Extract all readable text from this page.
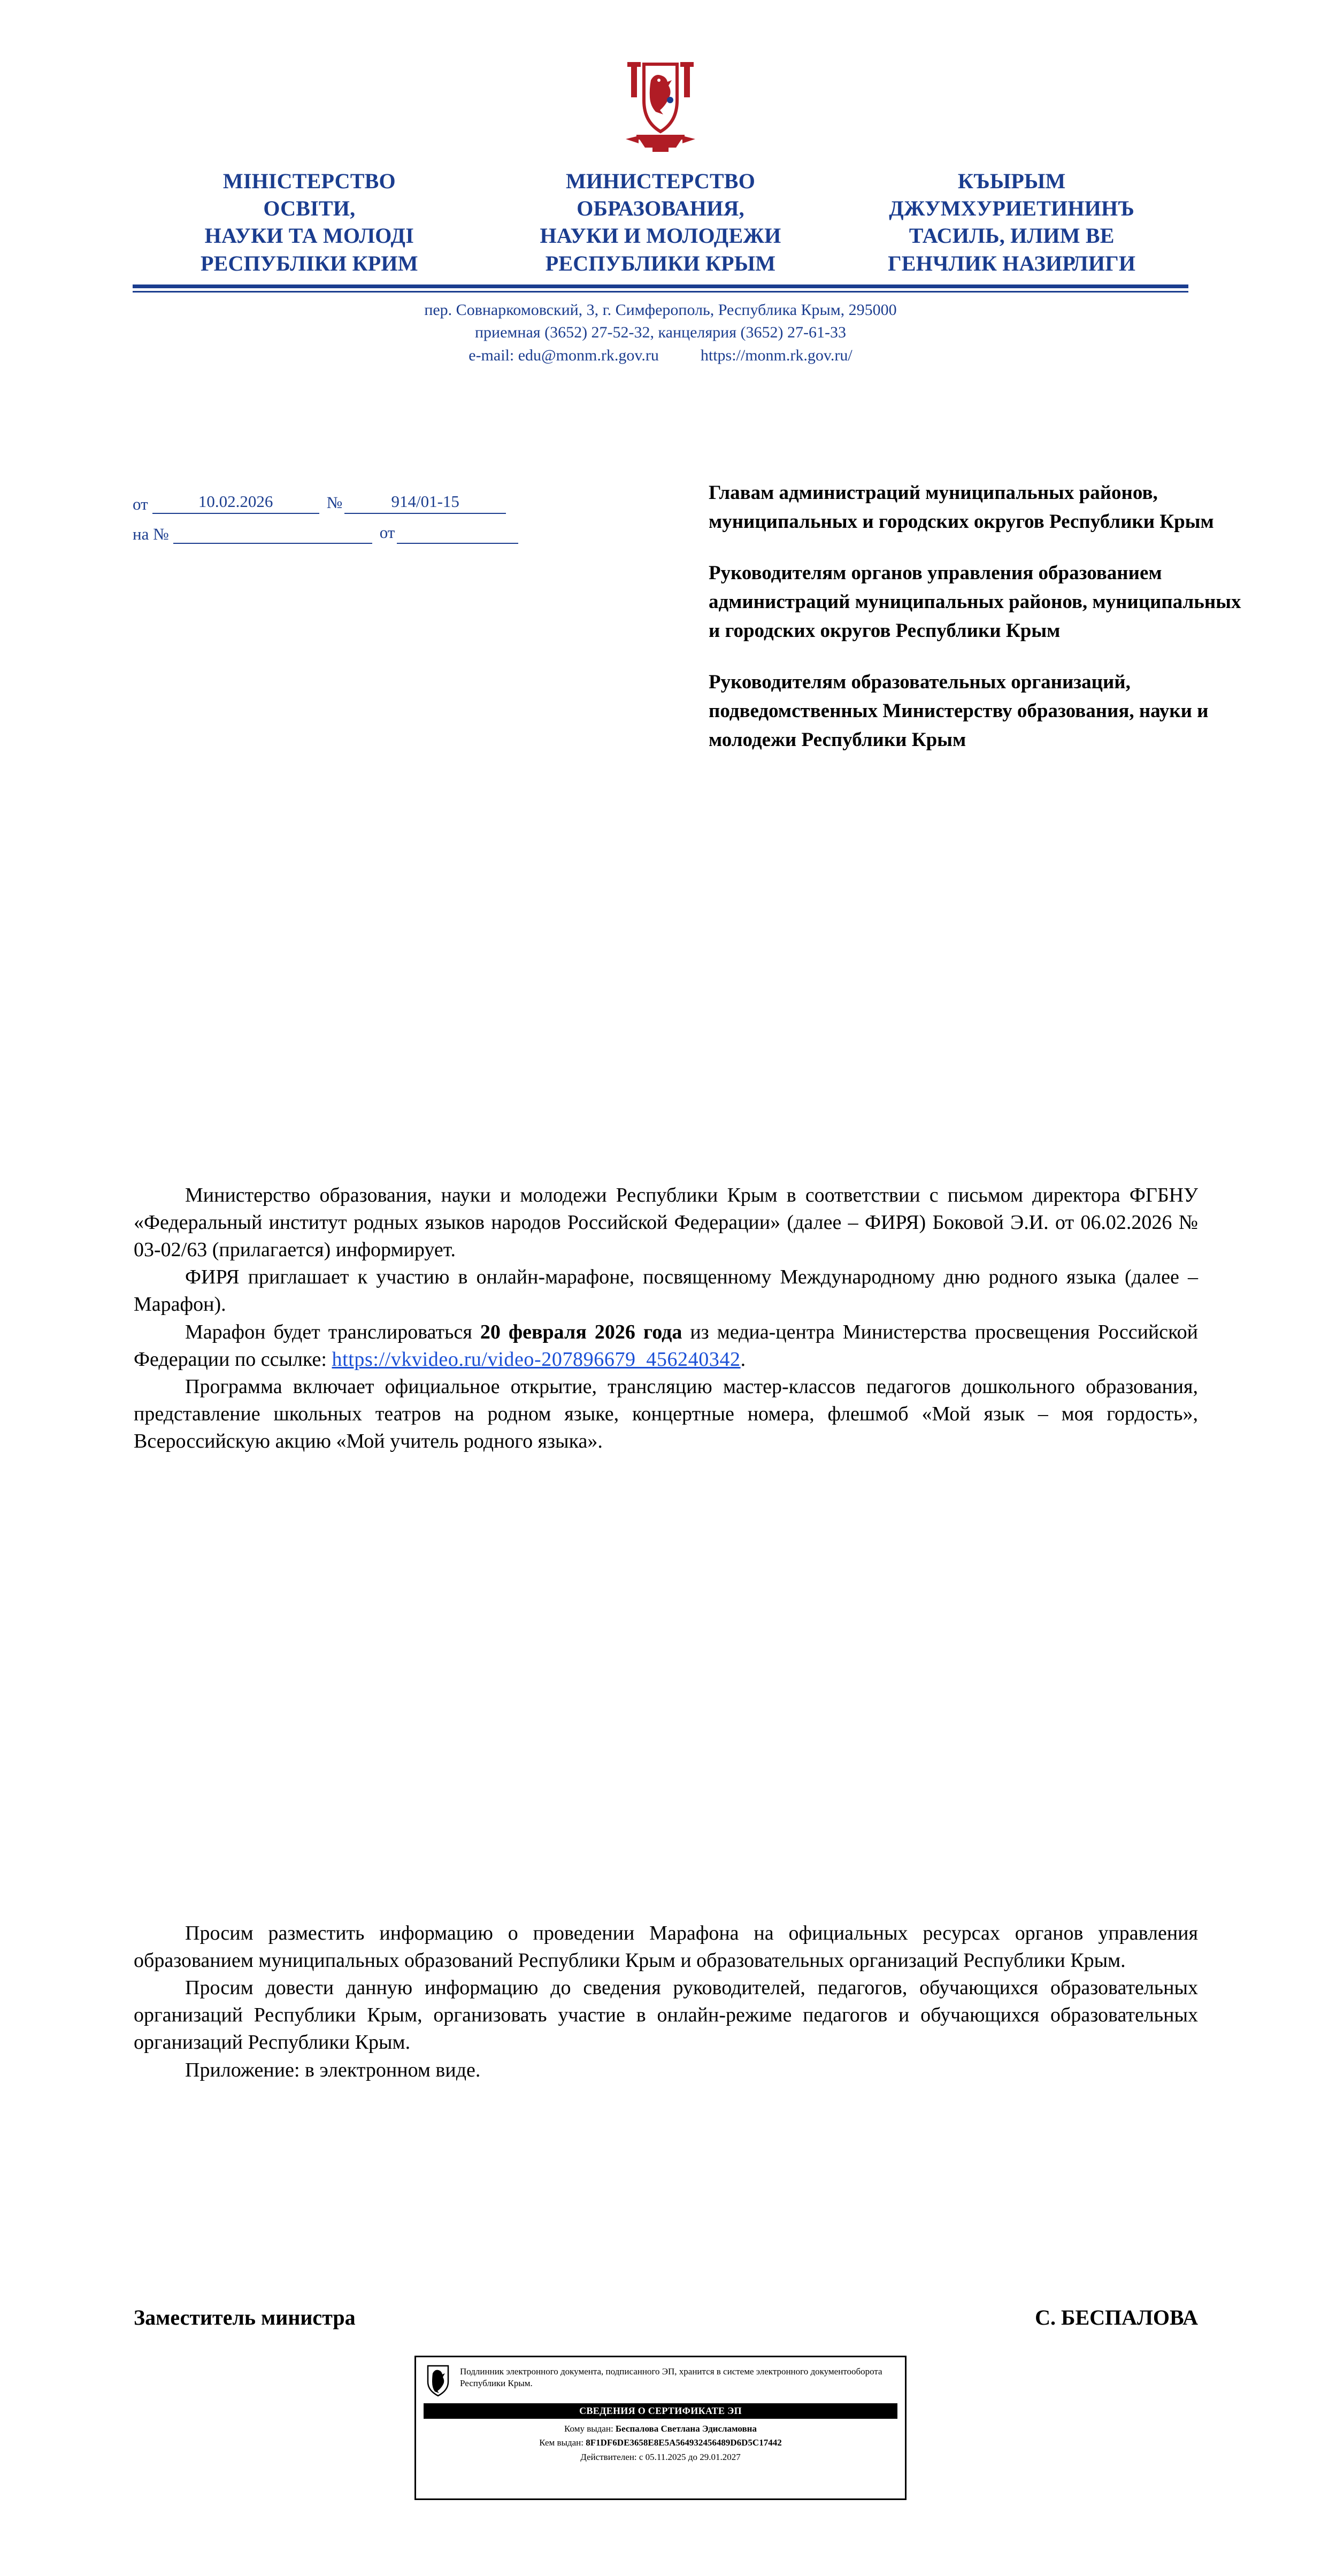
МІНІСТЕРСТВО
ОСВІТИ,
НАУКИ ТА МОЛОДІ
РЕСПУБЛІКИ КРИМ
МИНИСТЕРСТВО
ОБРАЗОВАНИЯ,
НАУКИ И МОЛОДЕЖИ
РЕСПУБЛИКИ КРЫМ
КЪЫРЫМ
ДЖУМХУРИЕТИНИНЪ
ТАСИЛЬ, ИЛИМ ВЕ
ГЕНЧЛИК НАЗИРЛИГИ
пер. Совнаркомовский, 3, г. Симферополь, Республика Крым, 295000
приемная (3652) 27-52-32, канцелярия (3652) 27-61-33
e-mail: edu@monm.rk.gov.ru	https://monm.rk.gov.ru/
от	10.02.2026	№	914/01-15
на №
	от

Главам администраций муниципальных районов, муниципальных и городских округов Республики Крым

Руководителям органов управления образованием администраций муниципальных районов, муниципальных и городских округов Республики Крым

Руководителям образовательных организаций, подведомственных Министерству образования, науки и молодежи Республики Крым

Министерство образования, науки и молодежи Республики Крым в соответствии с письмом директора ФГБНУ «Федеральный институт родных языков народов Российской Федерации» (далее – ФИРЯ) Боковой Э.И. от 06.02.2026 № 03-02/63 (прилагается) информирует.

ФИРЯ приглашает к участию в онлайн-марафоне, посвященному Международному дню родного языка (далее – Марафон).

Марафон будет транслироваться 20 февраля 2026 года из медиа-центра Министерства просвещения Российской Федерации по ссылке: https://vkvideo.ru/video-207896679_456240342.

Программа включает официальное открытие, трансляцию мастер-классов педагогов дошкольного образования, представление школьных театров на родном языке, концертные номера, флешмоб «Мой язык – моя гордость», Всероссийскую акцию «Мой учитель родного языка».

Просим разместить информацию о проведении Марафона на официальных ресурсах органов управления образованием муниципальных образований Республики Крым и образовательных организаций Республики Крым.

Просим довести данную информацию до сведения руководителей, педагогов, обучающихся образовательных организаций Республики Крым, организовать участие в онлайн-режиме педагогов и обучающихся образовательных организаций Республики Крым.

Приложение: в электронном виде.

Заместитель министра	С. БЕСПАЛОВА
Подлинник электронного документа, подписанного ЭП, хранится в системе электронного документооборота Республики Крым.
СВЕДЕНИЯ О СЕРТИФИКАТЕ ЭП
Кому выдан: Беспалова Светлана Эдисламовна
Кем выдан: 8F1DF6DE3658E8E5A564932456489D6D5C17442
Действителен: с 05.11.2025 до 29.01.2027
